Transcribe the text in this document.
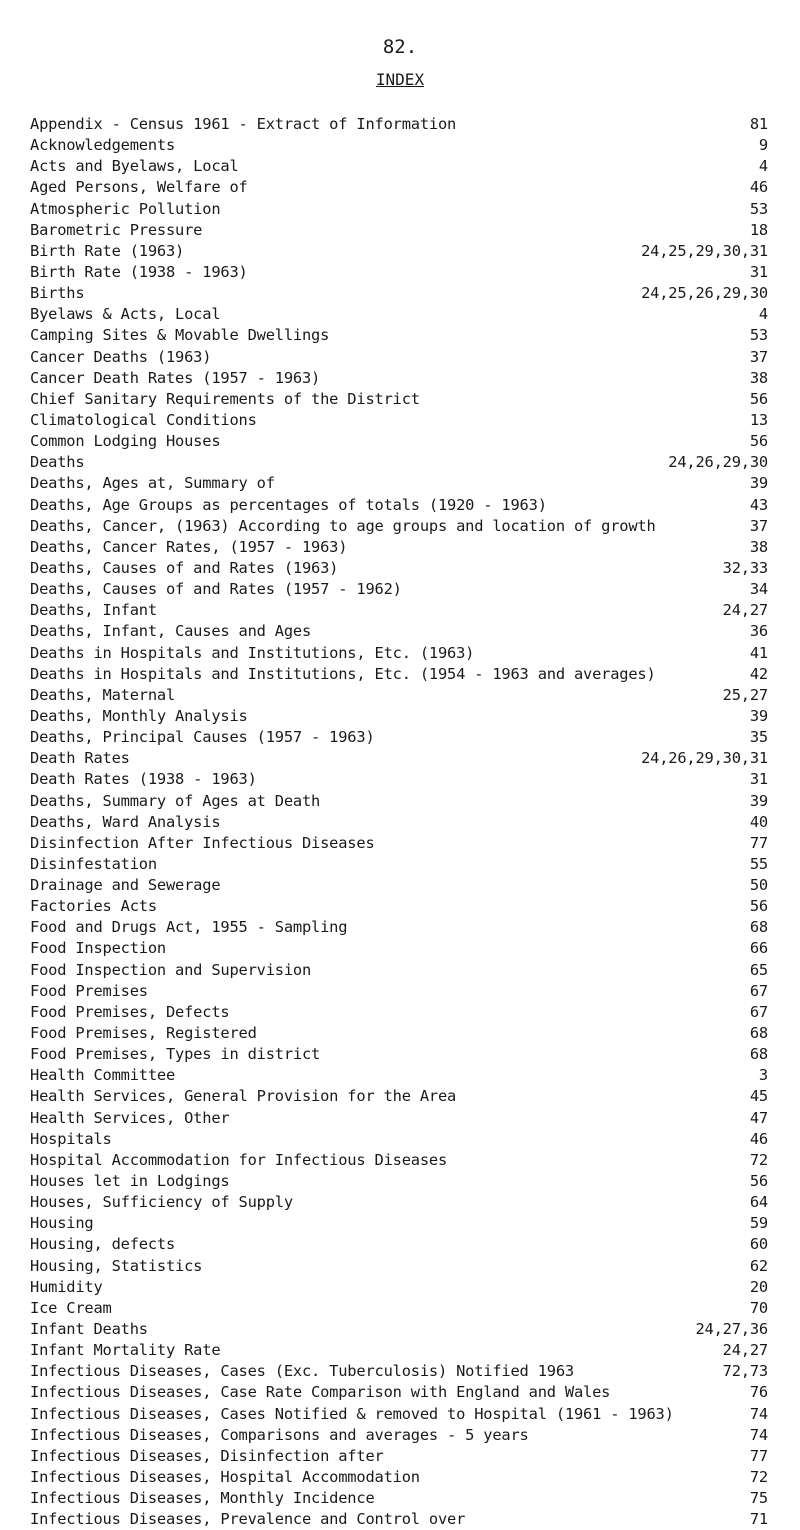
82.
INDEX
Appendix - Census 1961 - Extract of Information	81
Acknowledgements	9
Acts and Byelaws, Local	4
Aged Persons, Welfare of	46
Atmospheric Pollution	53
Barometric Pressure	18
Birth Rate (1963)	24,25,29,30,31
Birth Rate (1938 - 1963)	31
Births	24,25,26,29,30
Byelaws & Acts, Local	4
Camping Sites & Movable Dwellings	53
Cancer Deaths (1963)	37
Cancer Death Rates (1957 - 1963)	38
Chief Sanitary Requirements of the District	56
Climatological Conditions	13
Common Lodging Houses	56
Deaths	24,26,29,30
Deaths, Ages at, Summary of	39
Deaths, Age Groups as percentages of totals (1920 - 1963)	43
Deaths, Cancer, (1963) According to age groups and location of growth	37
Deaths, Cancer Rates, (1957 - 1963)	38
Deaths, Causes of and Rates (1963)	32,33
Deaths, Causes of and Rates (1957 - 1962)	34
Deaths, Infant	24,27
Deaths, Infant, Causes and Ages	36
Deaths in Hospitals and Institutions, Etc. (1963)	41
Deaths in Hospitals and Institutions, Etc. (1954 - 1963 and averages)	42
Deaths, Maternal	25,27
Deaths, Monthly Analysis	39
Deaths, Principal Causes (1957 - 1963)	35
Death Rates	24,26,29,30,31
Death Rates (1938 - 1963)	31
Deaths, Summary of Ages at Death	39
Deaths, Ward Analysis	40
Disinfection After Infectious Diseases	77
Disinfestation	55
Drainage and Sewerage	50
Factories Acts	56
Food and Drugs Act, 1955 - Sampling	68
Food Inspection	66
Food Inspection and Supervision	65
Food Premises	67
Food Premises, Defects	67
Food Premises, Registered	68
Food Premises, Types in district	68
Health Committee	3
Health Services, General Provision for the Area	45
Health Services, Other	47
Hospitals	46
Hospital Accommodation for Infectious Diseases	72
Houses let in Lodgings	56
Houses, Sufficiency of Supply	64
Housing	59
Housing, defects	60
Housing, Statistics	62
Humidity	20
Ice Cream	70
Infant Deaths	24,27,36
Infant Mortality Rate	24,27
Infectious Diseases, Cases (Exc. Tuberculosis) Notified 1963	72,73
Infectious Diseases, Case Rate Comparison with England and Wales	76
Infectious Diseases, Cases Notified & removed to Hospital (1961 - 1963)	74
Infectious Diseases, Comparisons and averages - 5 years	74
Infectious Diseases, Disinfection after	77
Infectious Diseases, Hospital Accommodation	72
Infectious Diseases, Monthly Incidence	75
Infectious Diseases, Prevalence and Control over	71
